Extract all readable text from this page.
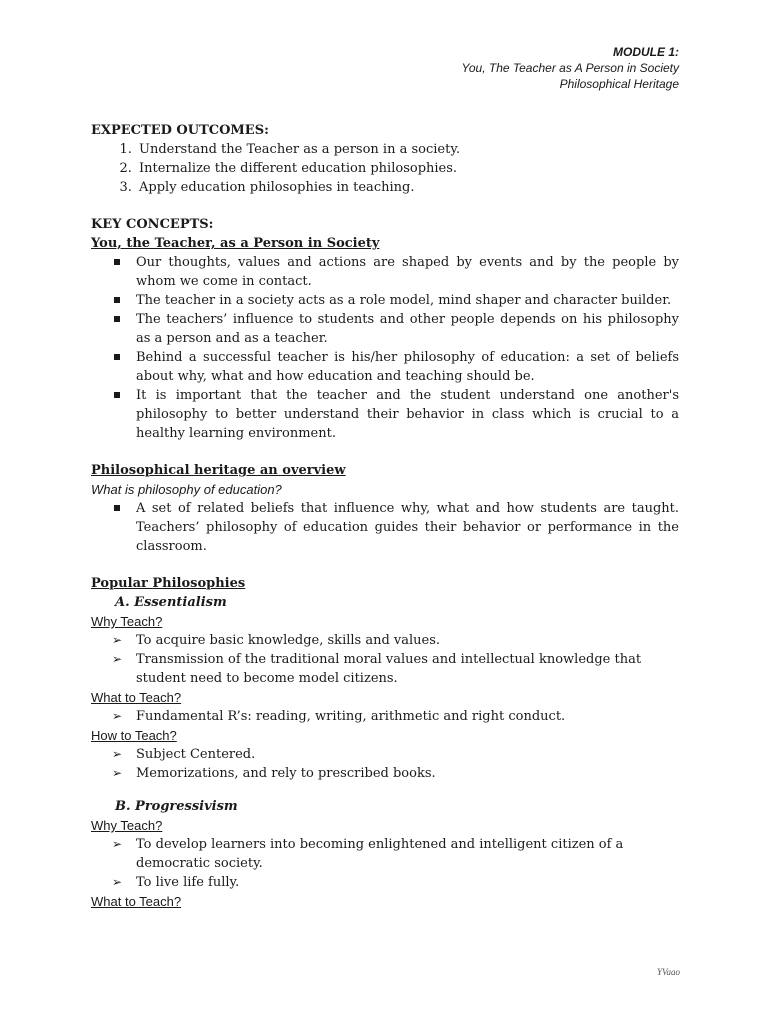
MODULE 1:
You, The Teacher as A Person in Society
Philosophical Heritage
EXPECTED OUTCOMES:
1. Understand the Teacher as a person in a society.
2. Internalize the different education philosophies.
3. Apply education philosophies in teaching.
KEY CONCEPTS:
You, the Teacher, as a Person in Society
Our thoughts, values and actions are shaped by events and by the people by whom we come in contact.
The teacher in a society acts as a role model, mind shaper and character builder.
The teachers’ influence to students and other people depends on his philosophy as a person and as a teacher.
Behind a successful teacher is his/her philosophy of education: a set of beliefs about why, what and how education and teaching should be.
It is important that the teacher and the student understand one another's philosophy to better understand their behavior in class which is crucial to a healthy learning environment.
Philosophical heritage an overview
What is philosophy of education?
A set of related beliefs that influence why, what and how students are taught. Teachers’ philosophy of education guides their behavior or performance in the classroom.
Popular Philosophies
A. Essentialism
Why Teach?
➢ To acquire basic knowledge, skills and values.
➢ Transmission of the traditional moral values and intellectual knowledge that student need to become model citizens.
What to Teach?
➢ Fundamental R’s: reading, writing, arithmetic and right conduct.
How to Teach?
➢ Subject Centered.
➢ Memorizations, and rely to prescribed books.
B. Progressivism
Why Teach?
➢ To develop learners into becoming enlightened and intelligent citizen of a democratic society.
➢ To live life fully.
What to Teach?
YVaao
